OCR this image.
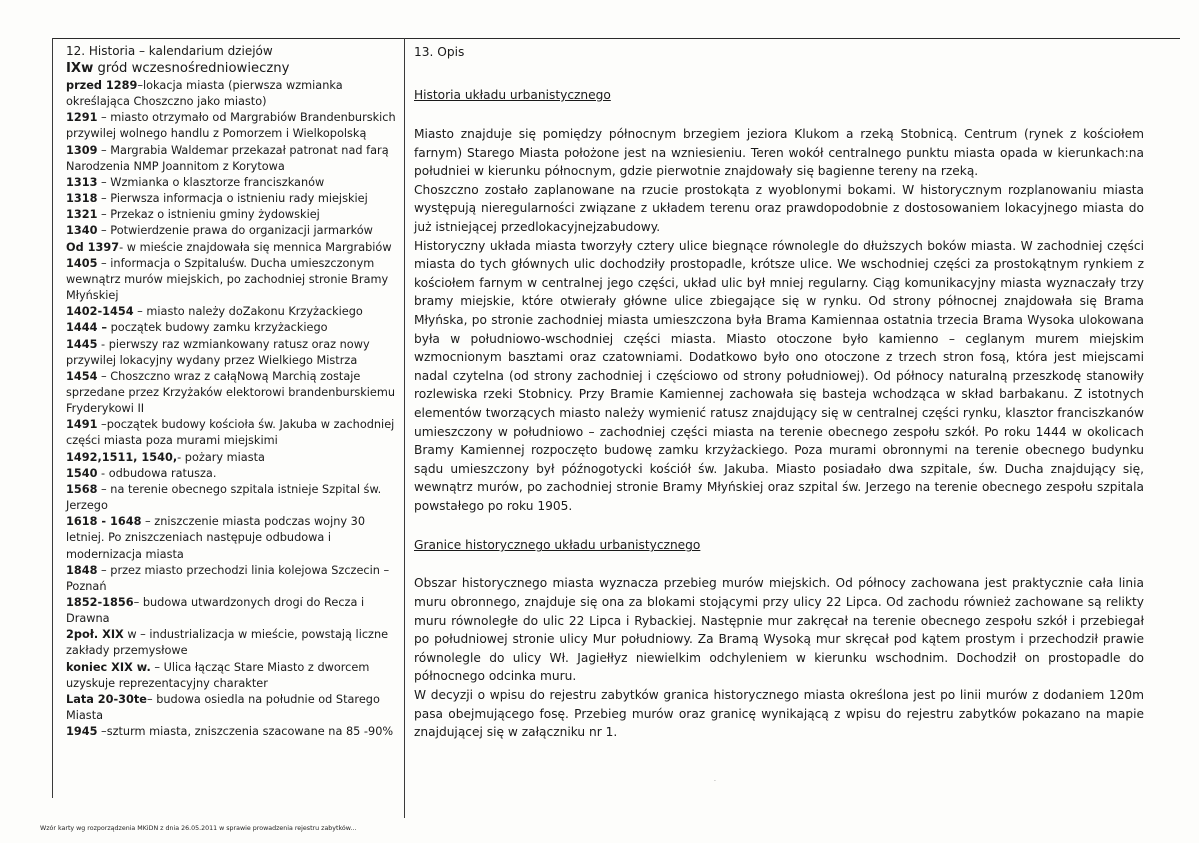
12. Historia – kalendarium dziejów
IXw gród wczesnośredniowieczny
przed 1289–lokacja miasta (pierwsza wzmianka określająca Choszczno jako miasto)
1291 – miasto otrzymało od Margrabiów Brandenburskich przywilej wolnego handlu z Pomorzem i Wielkopolską
1309 – Margrabia Waldemar przekazał patronat nad farą Narodzenia NMP Joannitom z Korytowa
1313 – Wzmianka o klasztorze franciszkanów
1318 – Pierwsza informacja o istnieniu rady miejskiej
1321 – Przekaz o istnieniu gminy żydowskiej
1340 – Potwierdzenie prawa do organizacji jarmarków
Od 1397- w mieście znajdowała się mennica Margrabiów
1405 – informacja o Szpitaluśw. Ducha umieszczonym wewnątrz murów miejskich, po zachodniej stronie Bramy Młyńskiej
1402-1454 – miasto należy doZakonu Krzyżackiego
1444 – początek budowy zamku krzyżackiego
1445 - pierwszy raz wzmiankowany ratusz oraz nowy przywilej lokacyjny wydany przez Wielkiego Mistrza
1454 – Choszczno wraz z całąNową Marchią zostaje sprzedane przez Krzyżaków elektorowi brandenburskiemu Fryderykowi II
1491 –początek budowy kościoła św. Jakuba w zachodniej części miasta poza murami miejskimi
1492,1511, 1540,- pożary miasta
1540 - odbudowa ratusza.
1568 – na terenie obecnego szpitala istnieje Szpital św. Jerzego
1618 - 1648 – zniszczenie miasta podczas wojny 30 letniej. Po zniszczeniach następuje odbudowa i modernizacja miasta
1848 – przez miasto przechodzi linia kolejowa Szczecin – Poznań
1852-1856– budowa utwardzonych drogi do Recza i Drawna
2poł. XIX w – industrializacja w mieście, powstają liczne zakłady przemysłowe
koniec XIX w. – Ulica łącząc Stare Miasto z dworcem uzyskuje reprezentacyjny charakter
Lata 20-30te– budowa osiedla na południe od Starego Miasta
1945 –szturm miasta, zniszczenia szacowane na 85 -90%
13. Opis
Historia układu urbanistycznego

Miasto znajduje się pomiędzy północnym brzegiem jeziora Klukom a rzeką Stobnicą. Centrum (rynek z kościołem farnym) Starego Miasta położone jest na wzniesieniu. Teren wokół centralnego punktu miasta opada w kierunkach:na południei w kierunku północnym, gdzie pierwotnie znajdowały się bagienne tereny na rzeką.

Choszczno zostało zaplanowane na rzucie prostokąta z wyoblonymi bokami. W historycznym rozplanowaniu miasta występują nieregularności związane z układem terenu oraz prawdopodobnie z dostosowaniem lokacyjnego miasta do już istniejącej przedlokacyjnejzabudowy.

Historyczny układa miasta tworzyły cztery ulice biegnące równolegle do dłuższych boków miasta. W zachodniej części miasta do tych głównych ulic dochodziły prostopadle, krótsze ulice. We wschodniej części za prostokątnym rynkiem z kościołem farnym w centralnej jego części, układ ulic był mniej regularny. Ciąg komunikacyjny miasta wyznaczały trzy bramy miejskie, które otwierały główne ulice zbiegające się w rynku. Od strony północnej znajdowała się Brama Młyńska, po stronie zachodniej miasta umieszczona była Brama Kamiennaa ostatnia trzecia Brama Wysoka ulokowana była w południowo-wschodniej części miasta. Miasto otoczone było kamienno – ceglanym murem miejskim wzmocnionym basztami oraz czatowniami. Dodatkowo było ono otoczone z trzech stron fosą, która jest miejscami nadal czytelna (od strony zachodniej i częściowo od strony południowej). Od północy naturalną przeszkodę stanowiły rozlewiska rzeki Stobnicy. Przy Bramie Kamiennej zachowała się basteja wchodząca w skład barbakanu. Z istotnych elementów tworzących miasto należy wymienić ratusz znajdujący się w centralnej części rynku, klasztor franciszkanów umieszczony w południowo – zachodniej części miasta na terenie obecnego zespołu szkół. Po roku 1444 w okolicach Bramy Kamiennej rozpoczęto budowę zamku krzyżackiego. Poza murami obronnymi na terenie obecnego budynku sądu umieszczony był późnogotycki kościół św. Jakuba. Miasto posiadało dwa szpitale, św. Ducha znajdujący się, wewnątrz murów, po zachodniej stronie Bramy Młyńskiej oraz szpital św. Jerzego na terenie obecnego zespołu szpitala powstałego po roku 1905.

Granice historycznego układu urbanistycznego

Obszar historycznego miasta wyznacza przebieg murów miejskich. Od północy zachowana jest praktycznie cała linia muru obronnego, znajduje się ona za blokami stojącymi przy ulicy 22 Lipca. Od zachodu również zachowane są relikty muru równoległe do ulic 22 Lipca i Rybackiej. Następnie mur zakręcał na terenie obecnego zespołu szkół i przebiegał po południowej stronie ulicy Mur południowy. Za Bramą Wysoką mur skręcał pod kątem prostym i przechodził prawie równolegle do ulicy Wł. Jagiełłyz niewielkim odchyleniem w kierunku wschodnim. Dochodził on prostopadle do północnego odcinka muru.

W decyzji o wpisu do rejestru zabytków granica historycznego miasta określona jest po linii murów z dodaniem 120m pasa obejmującego fosę. Przebieg murów oraz granicę wynikającą z wpisu do rejestru zabytków pokazano na mapie znajdującej się w załączniku nr 1.

·
Wzór karty wg rozporządzenia MKiDN z dnia 26.05.2011 w sprawie prowadzenia rejestru zabytków...
